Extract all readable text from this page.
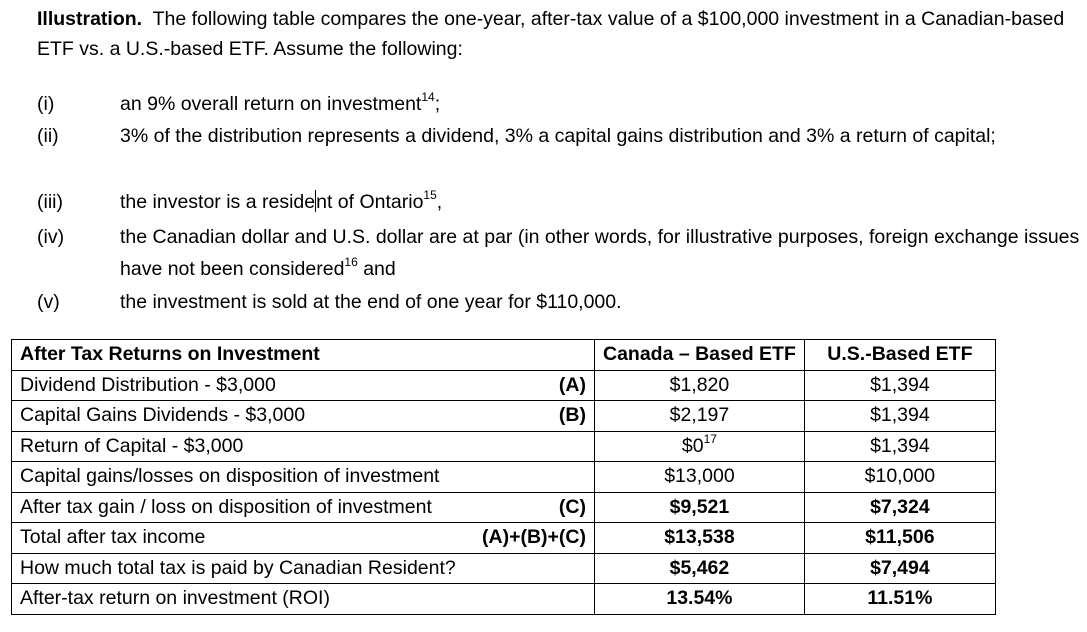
Illustration. The following table compares the one-year, after-tax value of a $100,000 investment in a Canadian-based ETF vs. a U.S.-based ETF. Assume the following:
(i)	an 9% overall return on investment$^{14}$;
(ii)	3% of the distribution represents a dividend, 3% a capital gains distribution and 3% a return of capital;
(iii)	the investor is a resident of Ontario$^{15}$,
(iv)	the Canadian dollar and U.S. dollar are at par (in other words, for illustrative purposes, foreign exchange issues have not been considered$^{16}$ and
(v)	the investment is sold at the end of one year for $110,000.
After Tax Returns on Investment		Canada – Based ETF	U.S.-Based ETF
Dividend Distribution - $3,000	(A)	$1,820	$1,394
Capital Gains Dividends - $3,000	(B)	$2,197	$1,394
Return of Capital - $3,000		$\$0^{17}$	$1,394
Capital gains/losses on disposition of investment		$13,000	$10,000
After tax gain / loss on disposition of investment	(C)	$9,521	$7,324
Total after tax income	(A)+(B)+(C)	$13,538	$11,506
How much total tax is paid by Canadian Resident?		$5,462	$7,494
After-tax return on investment (ROI)		13.54%	11.51%
